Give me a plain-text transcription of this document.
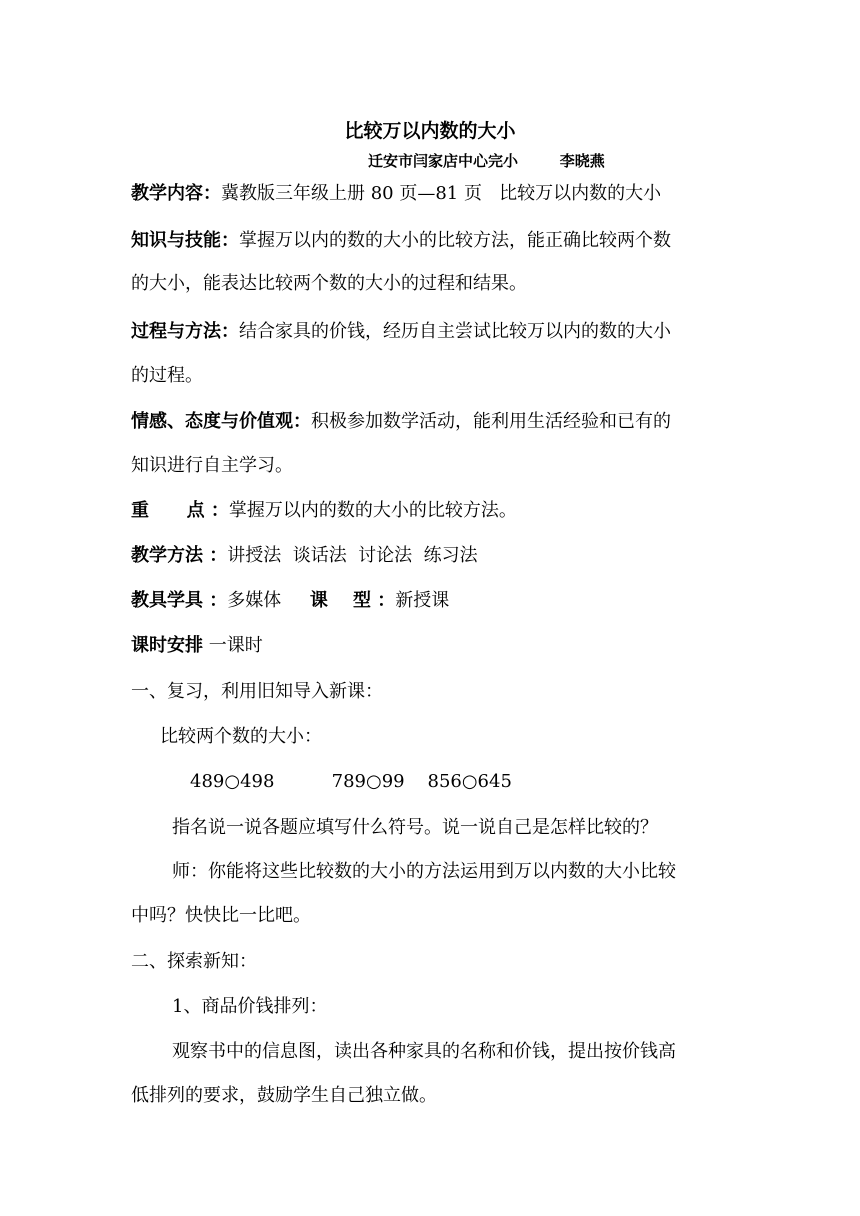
比较万以内数的大小
迁安市闫家店中心完小        李晓燕
教学内容：冀教版三年级上册 80 页—81 页   比较万以内数的大小
知识与技能：掌握万以内的数的大小的比较方法，能正确比较两个数
的大小，能表达比较两个数的大小的过程和结果。
过程与方法：结合家具的价钱，经历自主尝试比较万以内的数的大小
的过程。
情感、态度与价值观：积极参加数学活动，能利用生活经验和已有的
知识进行自主学习。
重      点 ：掌握万以内的数的大小的比较方法。
教学方法 ：讲授法  谈话法  讨论法  练习法
教具学具 ：多媒体 课    型 ：新授课
课时安排 一课时
一、复习，利用旧知导入新课：
比较两个数的大小：
489○498          789○99    856○645
指名说一说各题应填写什么符号。说一说自己是怎样比较的？
师：你能将这些比较数的大小的方法运用到万以内数的大小比较
中吗？快快比一比吧。
二、探索新知：
1、商品价钱排列：
观察书中的信息图，读出各种家具的名称和价钱，提出按价钱高
低排列的要求，鼓励学生自己独立做。
